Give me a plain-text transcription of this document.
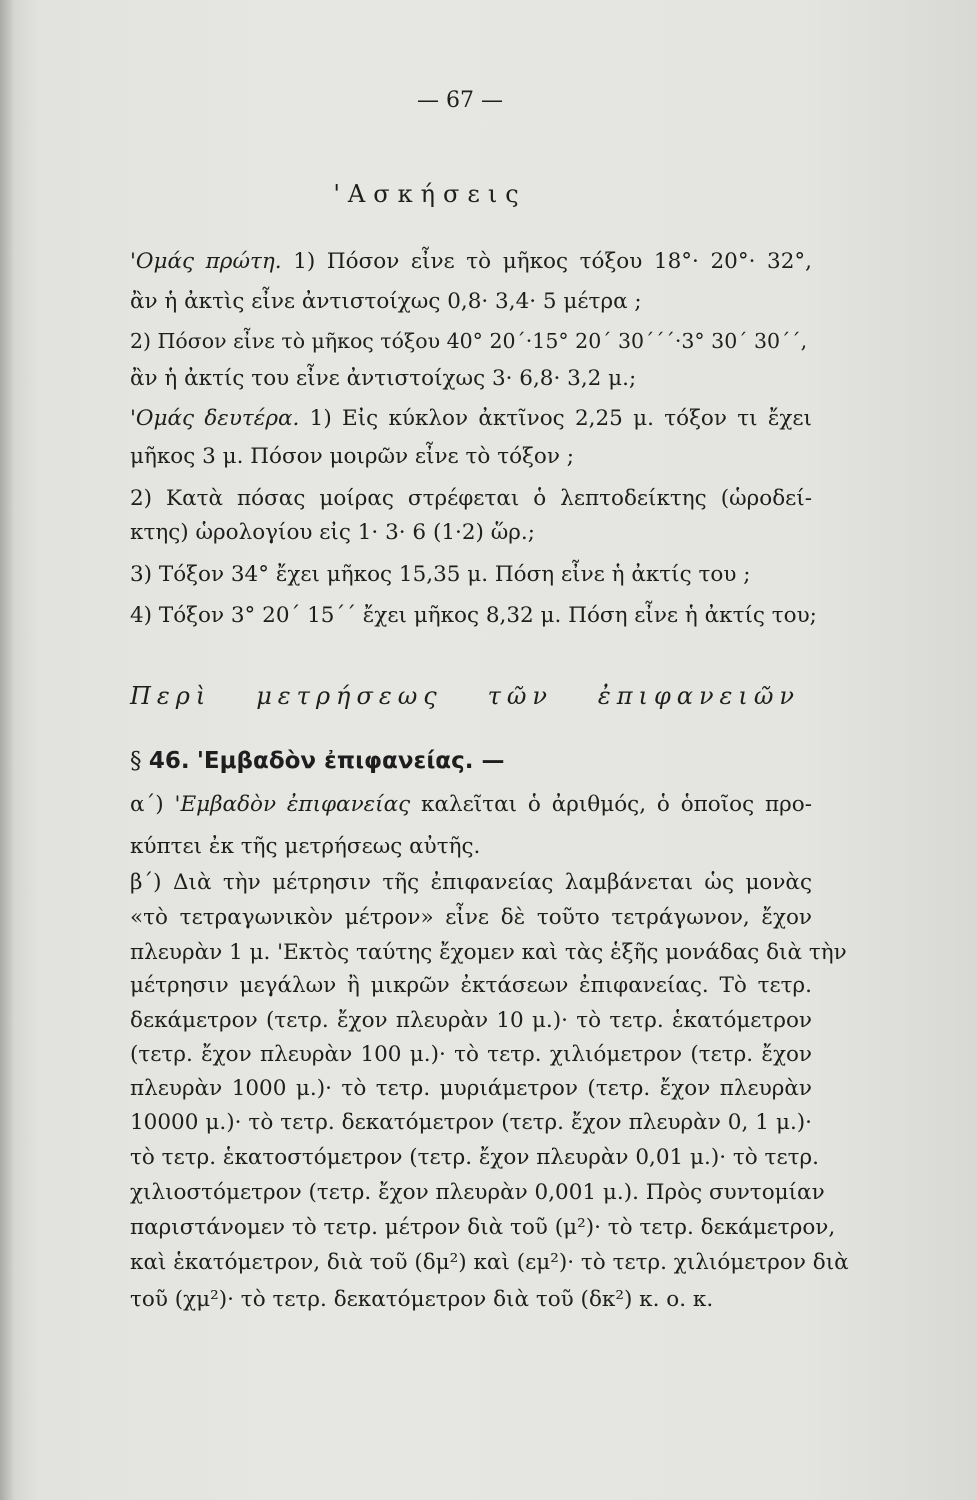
— 67 —
'Ασκήσεις
'Ομάς πρώτη. 1) Πόσον εἶνε τὸ μῆκος τόξου 18°· 20°· 32°,
ἂν ἡ ἀκτὶς εἶνε ἀντιστοίχως 0,8· 3,4· 5 μέτρα ;
2) Πόσον εἶνε τὸ μῆκος τόξου 40° 20΄·15° 20΄ 30΄΄΄·3° 30΄ 30΄΄,
ἂν ἡ ἀκτίς του εἶνε ἀντιστοίχως 3· 6,8· 3,2 μ.;
'Ομάς δευτέρα. 1) Εἰς κύκλον ἀκτῖνος 2,25 μ. τόξον τι ἔχει
μῆκος 3 μ. Πόσον μοιρῶν εἶνε τὸ τόξον ;
2) Κατὰ πόσας μοίρας στρέφεται ὁ λεπτοδείκτης (ὡροδεί-
κτης) ὡρολογίου εἰς 1· 3· 6 (1·2) ὥρ.;
3) Τόξον 34° ἔχει μῆκος 15,35 μ. Πόση εἶνε ἡ ἀκτίς του ;
4) Τόξον 3° 20΄ 15΄΄ ἔχει μῆκος 8,32 μ. Πόση εἶνε ἡ ἀκτίς του;
Περὶ μετρήσεως τῶν ἐπιφανειῶν
§ 46. 'Εμβαδὸν ἐπιφανείας. —
α΄) 'Εμβαδὸν ἐπιφανείας καλεῖται ὁ ἀριθμός, ὁ ὁποῖος προ-
κύπτει ἐκ τῆς μετρήσεως αὐτῆς.
β΄) Διὰ τὴν μέτρησιν τῆς ἐπιφανείας λαμβάνεται ὡς μονὰς
«τὸ τετραγωνικὸν μέτρον» εἶνε δὲ τοῦτο τετράγωνον, ἔχον
πλευρὰν 1 μ. 'Εκτὸς ταύτης ἔχομεν καὶ τὰς ἑξῆς μονάδας διὰ τὴν
μέτρησιν μεγάλων ἢ μικρῶν ἐκτάσεων ἐπιφανείας. Τὸ τετρ.
δεκάμετρον (τετρ. ἔχον πλευρὰν 10 μ.)· τὸ τετρ. ἑκατόμετρον
(τετρ. ἔχον πλευρὰν 100 μ.)· τὸ τετρ. χιλιόμετρον (τετρ. ἔχον
πλευρὰν 1000 μ.)· τὸ τετρ. μυριάμετρον (τετρ. ἔχον πλευρὰν
10000 μ.)· τὸ τετρ. δεκατόμετρον (τετρ. ἔχον πλευρὰν 0, 1 μ.)·
τὸ τετρ. ἑκατοστόμετρον (τετρ. ἔχον πλευρὰν 0,01 μ.)· τὸ τετρ.
χιλιοστόμετρον (τετρ. ἔχον πλευρὰν 0,001 μ.). Πρὸς συντομίαν
παριστάνομεν τὸ τετρ. μέτρον διὰ τοῦ (μ²)· τὸ τετρ. δεκάμετρον,
καὶ ἑκατόμετρον, διὰ τοῦ (δμ²) καὶ (εμ²)· τὸ τετρ. χιλιόμετρον διὰ
τοῦ (χμ²)· τὸ τετρ. δεκατόμετρον διὰ τοῦ (δκ²) κ. ο. κ.
